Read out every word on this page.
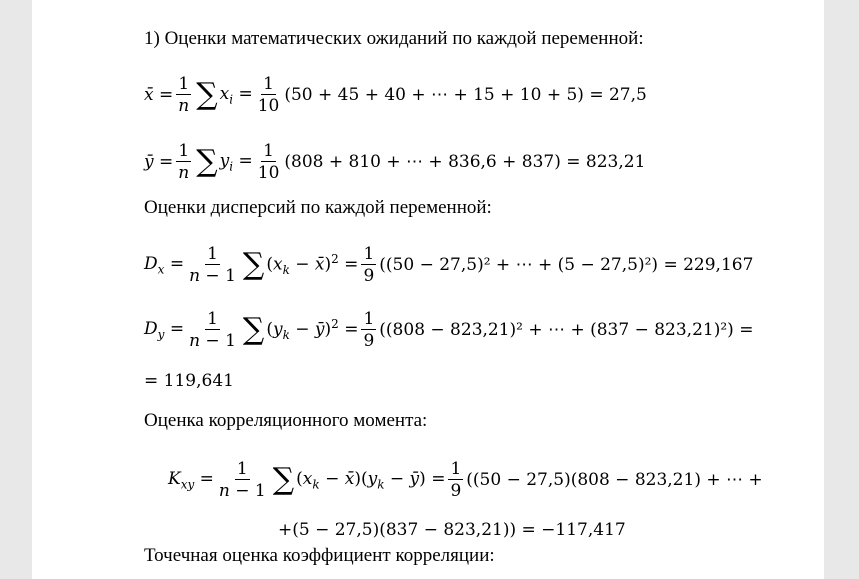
1) Оценки математических ожиданий по каждой переменной:
x̄ = $\frac{1}{n}$ ∑ $x_i = \frac{1}{10} (50 + 45 + 40$ + ⋯ + 15 + 10 + 5) = 27,5
ȳ = $\frac{1}{n}$ ∑ $y_i = \frac{1}{10} (808 + 810$ + ⋯ + 836,6 + 837) = 823,21
Оценки дисперсий по каждой переменной:
$D_x = \frac{1}{n - 1}$ ∑ ($x_k$ − x̄)$^2$ = $\frac{1}{9} ((50 - 27,5)^2$ + ⋯ + (5 − 27,5)²) = 229,167
$D_y = \frac{1}{n - 1}$ ∑ ($y_k$ − ȳ)$^2$ = $\frac{1}{9} ((808 - 823,21)^2$ + ⋯ + (837 − 823,21)²) =
= 119,641
Оценка корреляционного момента:
$K_{xy} = \frac{1}{n - 1}$ ∑ ($x_k$ − $x̄)(y_k$ − ȳ) = $\frac{1}{9} ((50 - 27,5)(808 - 823,21)$ + ⋯ +
+(5 − 27,5)(837 − 823,21)) = −117,417
Точечная оценка коэффициент корреляции:
